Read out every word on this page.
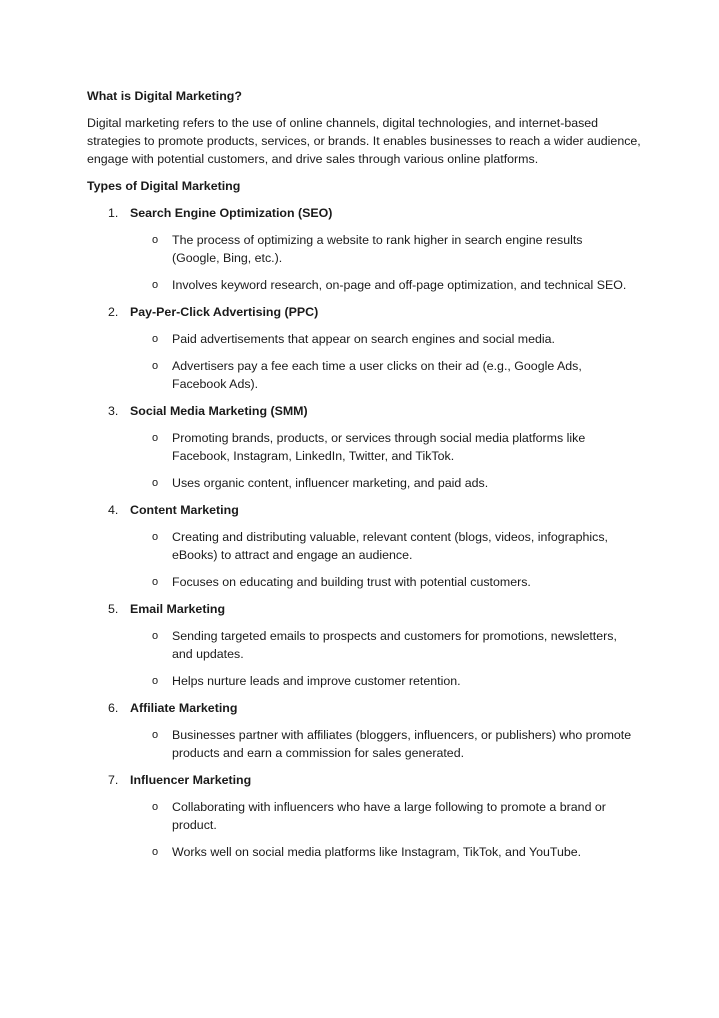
What is Digital Marketing?

Digital marketing refers to the use of online channels, digital technologies, and internet-based strategies to promote products, services, or brands. It enables businesses to reach a wider audience, engage with potential customers, and drive sales through various online platforms.

Types of Digital Marketing

1. Search Engine Optimization (SEO)
o	The process of optimizing a website to rank higher in search engine results (Google, Bing, etc.).
o	Involves keyword research, on-page and off-page optimization, and technical SEO.
2. Pay-Per-Click Advertising (PPC)
o	Paid advertisements that appear on search engines and social media.
o	Advertisers pay a fee each time a user clicks on their ad (e.g., Google Ads, Facebook Ads).
3. Social Media Marketing (SMM)
o	Promoting brands, products, or services through social media platforms like Facebook, Instagram, LinkedIn, Twitter, and TikTok.
o	Uses organic content, influencer marketing, and paid ads.
4. Content Marketing
o	Creating and distributing valuable, relevant content (blogs, videos, infographics, eBooks) to attract and engage an audience.
o	Focuses on educating and building trust with potential customers.
5. Email Marketing
o	Sending targeted emails to prospects and customers for promotions, newsletters, and updates.
o	Helps nurture leads and improve customer retention.
6. Affiliate Marketing
o	Businesses partner with affiliates (bloggers, influencers, or publishers) who promote products and earn a commission for sales generated.
7. Influencer Marketing
o	Collaborating with influencers who have a large following to promote a brand or product.
o	Works well on social media platforms like Instagram, TikTok, and YouTube.
